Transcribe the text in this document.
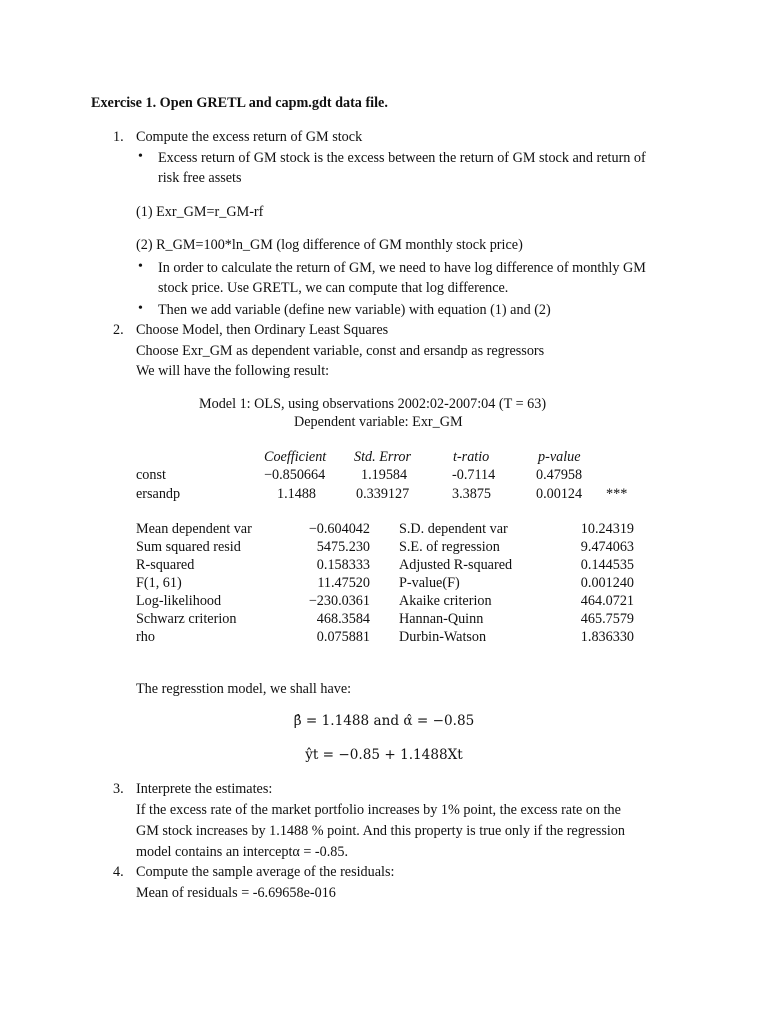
Exercise 1. Open GRETL and capm.gdt data file.
1. Compute the excess return of GM stock
• Excess return of GM stock is the excess between the return of GM stock and return of
risk free assets
(1) Exr_GM=r_GM-rf
(2) R_GM=100*ln_GM (log difference of GM monthly stock price)
• In order to calculate the return of GM, we need to have log difference of monthly GM
stock price. Use GRETL, we can compute that log difference.
• Then we add variable (define new variable) with equation (1) and (2)
2. Choose Model, then Ordinary Least Squares
Choose Exr_GM as dependent variable, const and ersandp as regressors
We will have the following result:
Model 1: OLS, using observations 2002:02-2007:04 (T = 63)
Dependent variable: Exr_GM
Coefficient Std. Error	t-ratio	p-value
const	−0.850664	1.19584	-0.7114	0.47958
ersandp	1.1488	0.339127	3.3875	0.00124 ***
Mean dependent var	−0.604042 S.D. dependent var	10.24319
Sum squared resid	5475.230 S.E. of regression	9.474063
R-squared	0.158333 Adjusted R-squared	0.144535
F(1, 61)	11.47520 P-value(F)	0.001240
Log-likelihood	−230.0361 Akaike criterion	464.0721
Schwarz criterion	468.3584 Hannan-Quinn	465.7579
rho	0.075881 Durbin-Watson	1.836330
The regresstion model, we shall have:
β̂ = 1.1488 and α̂ = −0.85
ŷt = −0.85 + 1.1488Xt
3. Interprete the estimates:
If the excess rate of the market portfolio increases by 1% point, the excess rate on the
GM stock increases by 1.1488 % point. And this property is true only if the regression
model contains an interceptα = -0.85.
4. Compute the sample average of the residuals:
Mean of residuals = -6.69658e-016
